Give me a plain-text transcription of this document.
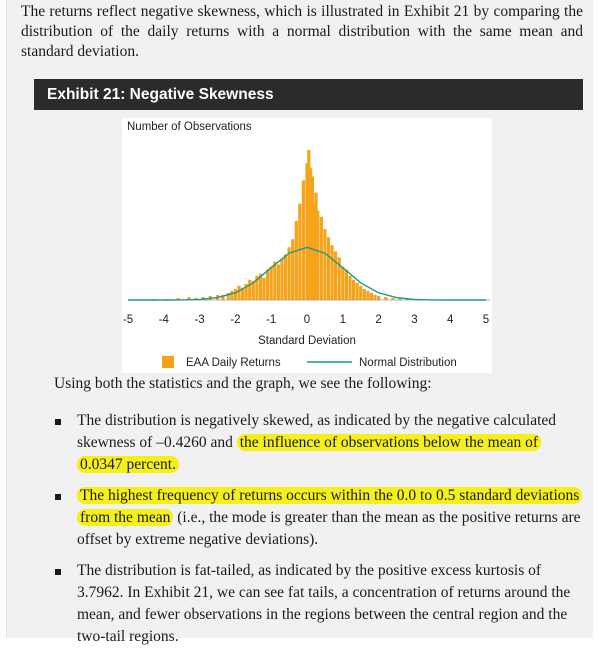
The returns reflect negative skewness, which is illustrated in Exhibit 21 by comparing the distribution of the daily returns with a normal distribution with the same mean and standard deviation.

Exhibit 21: Negative Skewness
Number of Observations
-5 -4 -3 -2 -1 0	1	2	3	4	5
Standard Deviation
EAA Daily Returns	Normal Distribution

Using both the statistics and the graph, we see the following:

The distribution is negatively skewed, as indicated by the negative calculated skewness of –0.4260 and the influence of observations below the mean of 0.0347 percent.
The highest frequency of returns occurs within the 0.0 to 0.5 standard deviations from the mean (i.e., the mode is greater than the mean as the positive returns are offset by extreme negative deviations).
The distribution is fat-tailed, as indicated by the positive excess kurtosis of 3.7962. In Exhibit 21, we can see fat tails, a concentration of returns around the mean, and fewer observations in the regions between the central region and the two-tail regions.
